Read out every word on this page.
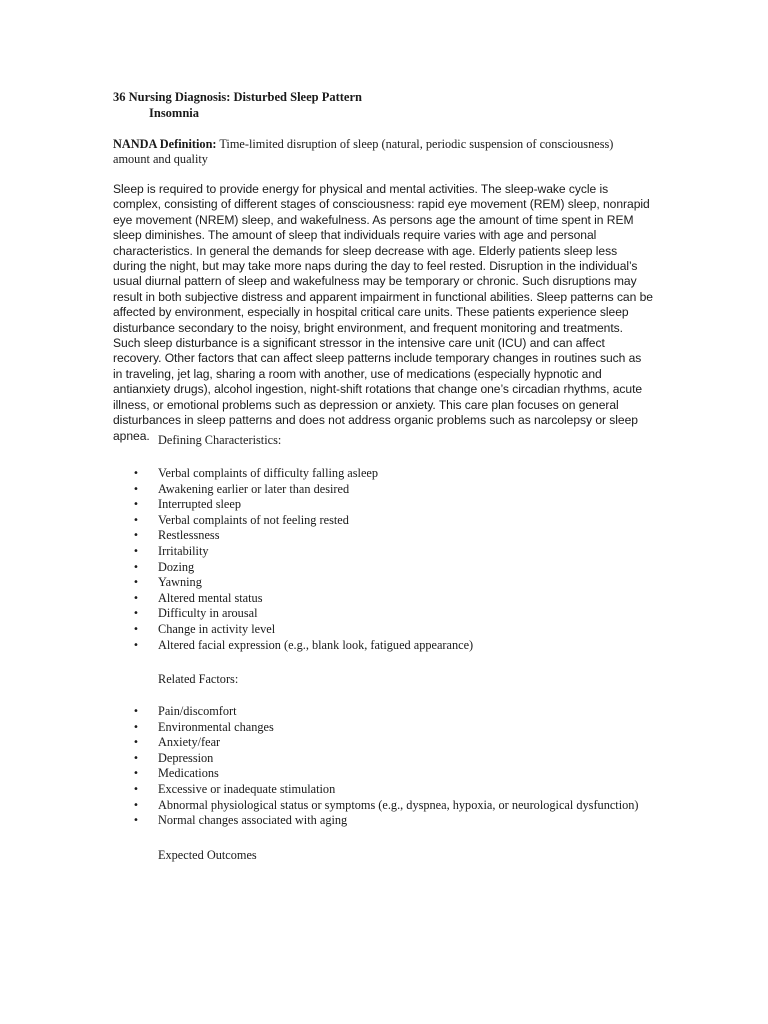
36 Nursing Diagnosis: Disturbed Sleep Pattern
Insomnia
NANDA Definition: Time-limited disruption of sleep (natural, periodic suspension of consciousness) amount and quality

Sleep is required to provide energy for physical and mental activities. The sleep-wake cycle is complex, consisting of different stages of consciousness: rapid eye movement (REM) sleep, nonrapid eye movement (NREM) sleep, and wakefulness. As persons age the amount of time spent in REM sleep diminishes. The amount of sleep that individuals require varies with age and personal characteristics. In general the demands for sleep decrease with age. Elderly patients sleep less during the night, but may take more naps during the day to feel rested. Disruption in the individual’s usual diurnal pattern of sleep and wakefulness may be temporary or chronic. Such disruptions may result in both subjective distress and apparent impairment in functional abilities. Sleep patterns can be affected by environment, especially in hospital critical care units. These patients experience sleep disturbance secondary to the noisy, bright environment, and frequent monitoring and treatments. Such sleep disturbance is a significant stressor in the intensive care unit (ICU) and can affect recovery. Other factors that can affect sleep patterns include temporary changes in routines such as in traveling, jet lag, sharing a room with another, use of medications (especially hypnotic and antianxiety drugs), alcohol ingestion, night-shift rotations that change one’s circadian rhythms, acute illness, or emotional problems such as depression or anxiety. This care plan focuses on general disturbances in sleep patterns and does not address organic problems such as narcolepsy or sleep apnea. Defining Characteristics:
• Verbal complaints of difficulty falling asleep
• Awakening earlier or later than desired
• Interrupted sleep
• Verbal complaints of not feeling rested
• Restlessness
• Irritability
• Dozing
• Yawning
• Altered mental status
• Difficulty in arousal
• Change in activity level
• Altered facial expression (e.g., blank look, fatigued appearance)
Related Factors:
• Pain/discomfort
• Environmental changes
• Anxiety/fear
• Depression
• Medications
• Excessive or inadequate stimulation
• Abnormal physiological status or symptoms (e.g., dyspnea, hypoxia, or neurological dysfunction)
• Normal changes associated with aging
Expected Outcomes
